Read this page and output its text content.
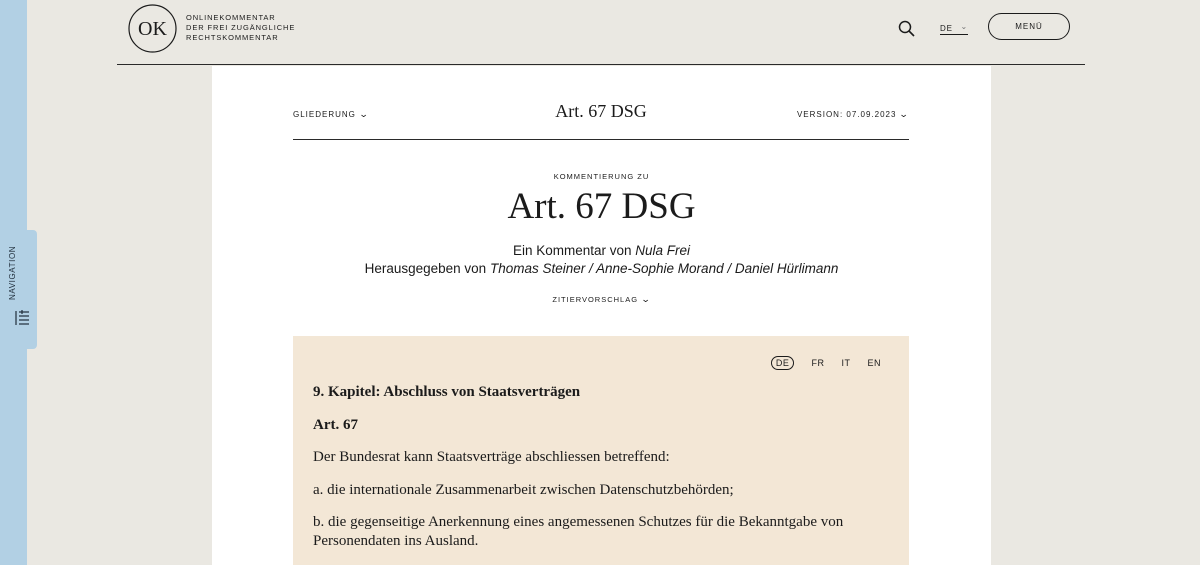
NAVIGATION
OK
ONLINEKOMMENTAR
DER FREI ZUGÄNGLICHE
RECHTSKOMMENTAR
DE ⌄	MENÜ
GLIEDERUNG ⌄	Art. 67 DSG	VERSION: 07.09.2023 ⌄
KOMMENTIERUNG ZU
Art. 67 DSG
Ein Kommentar von Nula Frei
Herausgegeben von Thomas Steiner / Anne-Sophie Morand / Daniel Hürlimann
ZITIERVORSCHLAG ⌄
DE FR IT EN
9. Kapitel: Abschluss von Staatsverträgen
Art. 67

Der Bundesrat kann Staatsverträge abschliessen betreffend:

a. die internationale Zusammenarbeit zwischen Datenschutzbehörden;

b. die gegenseitige Anerkennung eines angemessenen Schutzes für die Bekanntgabe von Personendaten ins Ausland.
